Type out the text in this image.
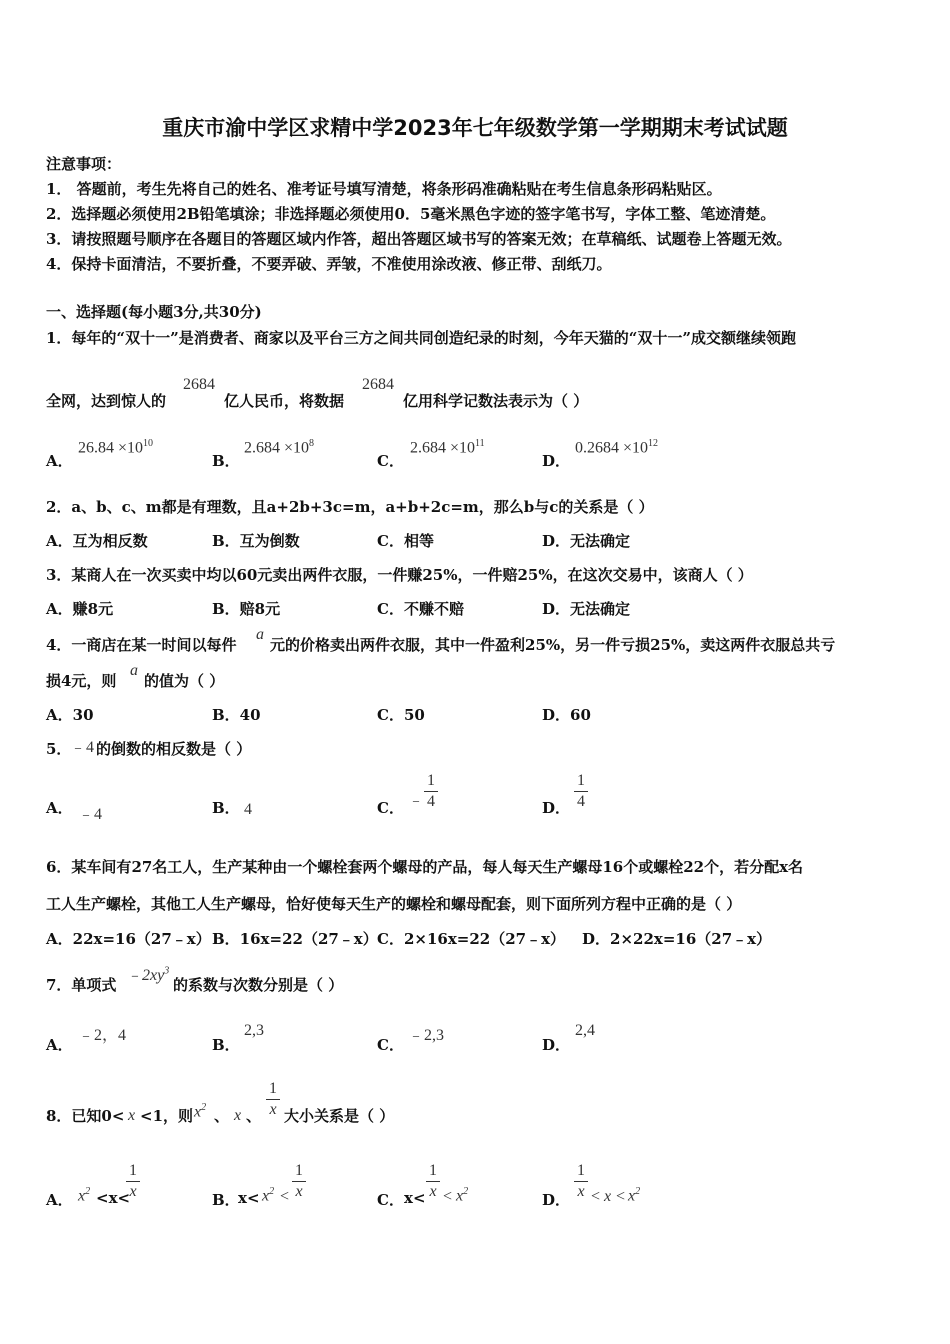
重庆市渝中学区求精中学2023年七年级数学第一学期期末考试试题
注意事项：
1． 答题前，考生先将自己的姓名、准考证号填写清楚，将条形码准确粘贴在考生信息条形码粘贴区。
2．选择题必须使用2B铅笔填涂；非选择题必须使用0．5毫米黑色字迹的签字笔书写，字体工整、笔迹清楚。
3．请按照题号顺序在各题目的答题区域内作答，超出答题区域书写的答案无效；在草稿纸、试题卷上答题无效。
4．保持卡面清洁，不要折叠，不要弄破、弄皱，不准使用涂改液、修正带、刮纸刀。
一、选择题(每小题3分,共30分)
1．每年的“双十一”是消费者、商家以及平台三方之间共同创造纪录的时刻，今年天猫的“双十一”成交额继续领跑
全网，达到惊人的
2684
亿人民币，将数据
2684
亿用科学记数法表示为（ ）
A．
$26.84 \times 10^{10}$
B．
$2.684 \times 10^8$
C．
$2.684 \times 10^{11}$
D．
$0.2684 \times 10^{12}$
2．a、b、c、m都是有理数，且a+2b+3c=m，a+b+2c=m，那么b与c的关系是（ ）
A．互为相反数	B．互为倒数	C．相等	D．无法确定
3．某商人在一次买卖中均以60元卖出两件衣服，一件赚25%，一件赔25%，在这次交易中，该商人（ ）
A．赚8元	B．赔8元	C．不赚不赔	D．无法确定
4．一商店在某一时间以每件
a
元的价格卖出两件衣服，其中一件盈利25%，另一件亏损25%，卖这两件衣服总共亏
损4元，则
a
的值为（ ）
A．30	B．40	C．50	D．60
5．
﹣4 的倒数的相反数是（ ）
A． ﹣4	B． 4	C． ﹣
1
4	D．
1
4
6．某车间有27名工人，生产某种由一个螺栓套两个螺母的产品，每人每天生产螺母16个或螺栓22个，若分配x名
工人生产螺栓，其他工人生产螺母，恰好使每天生产的螺栓和螺母配套，则下面所列方程中正确的是（ ）
A．22x=16（27﹣x） B．16x=22（27﹣x） C．2×16x=22（27﹣x） D．2×22x=16（27﹣x）
7．单项式
$﹣2xy^3$
的系数与次数分别是（ ）
A．
﹣2，4
B．
2,3
C．
﹣2,3
D．
2,4
8．已知0< x <1，则 $x^2$ 、 x 、
1
x 大小关系是（ ）
A． $x^2 <x<$
1
x	B．
$x< x^2$ <
1
x	C． x<
1
$x < x^2$	D．
1
$x < x < x^2$
